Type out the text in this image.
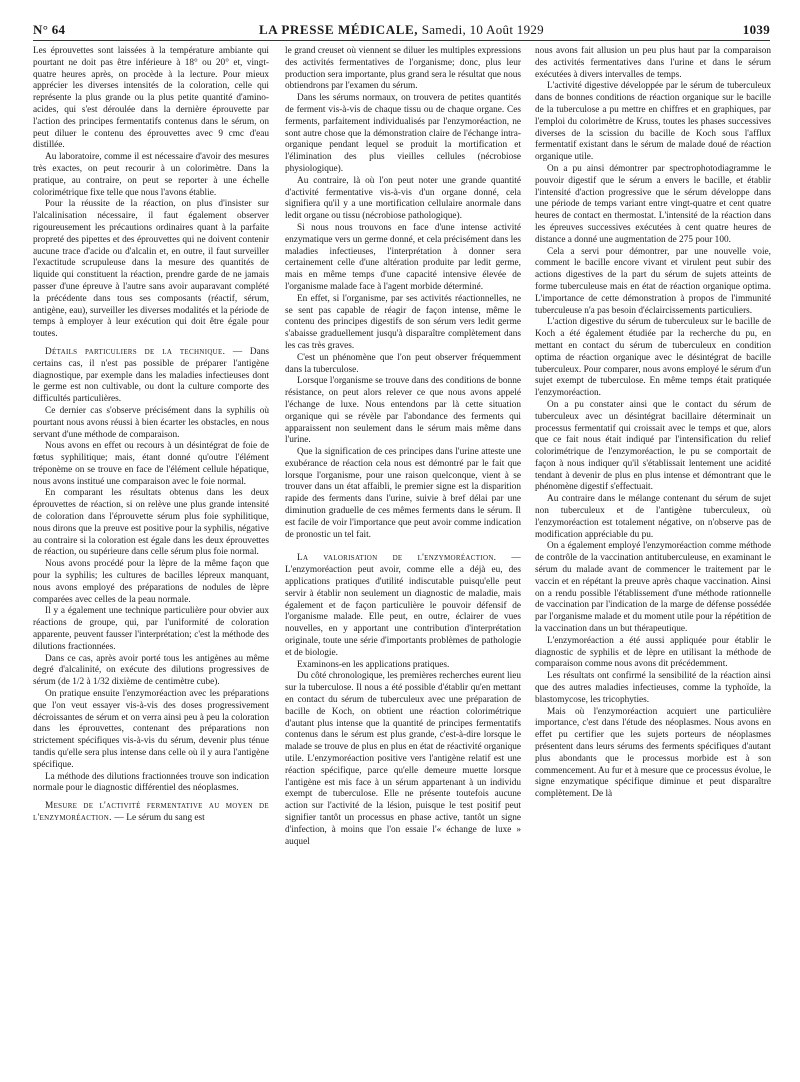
N° 64	LA PRESSE MÉDICALE, Samedi, 10 Août 1929	1039

Les éprouvettes sont laissées à la température ambiante qui pourtant ne doit pas être inférieure à 18° ou 20° et, vingt-quatre heures après, on procède à la lecture. Pour mieux apprécier les diverses intensités de la coloration, celle qui représente la plus grande ou la plus petite quantité d'amino-acides, qui s'est déroulée dans la dernière éprouvette par l'action des principes fermentatifs contenus dans le sérum, on peut diluer le contenu des éprouvettes avec 9 cmc d'eau distillée.

Au laboratoire, comme il est nécessaire d'avoir des mesures très exactes, on peut recourir à un colorimètre. Dans la pratique, au contraire, on peut se reporter à une échelle colorimétrique fixe telle que nous l'avons établie.

Pour la réussite de la réaction, on plus d'insister sur l'alcalinisation nécessaire, il faut également observer rigoureusement les précautions ordinaires quant à la parfaite propreté des pipettes et des éprouvettes qui ne doivent contenir aucune trace d'acide ou d'alcalin et, en outre, il faut surveiller l'exactitude scrupuleuse dans la mesure des quantités de liquide qui constituent la réaction, prendre garde de ne jamais passer d'une épreuve à l'autre sans avoir auparavant complété la précédente dans tous ses composants (réactif, sérum, antigène, eau), surveiller les diverses modalités et la période de temps à employer à leur exécution qui doit être égale pour toutes.

Détails particuliers de la technique. — Dans certains cas, il n'est pas possible de préparer l'antigène diagnostique, par exemple dans les maladies infectieuses dont le germe est non cultivable, ou dont la culture comporte des difficultés particulières.

Ce dernier cas s'observe précisément dans la syphilis où pourtant nous avons réussi à bien écarter les obstacles, en nous servant d'une méthode de comparaison.

Nous avons en effet ou recours à un désintégrat de foie de fœtus syphilitique; mais, étant donné qu'outre l'élément tréponème on se trouve en face de l'élément cellule hépatique, nous avons institué une comparaison avec le foie normal.

En comparant les résultats obtenus dans les deux éprouvettes de réaction, si on relève une plus grande intensité de coloration dans l'éprouvette sérum plus foie syphilitique, nous dirons que la preuve est positive pour la syphilis, négative au contraire si la coloration est égale dans les deux éprouvettes de réaction, ou supérieure dans celle sérum plus foie normal.

Nous avons procédé pour la lèpre de la même façon que pour la syphilis; les cultures de bacilles lépreux manquant, nous avons employé des préparations de nodules de lèpre comparées avec celles de la peau normale.

Il y a également une technique particulière pour obvier aux réactions de groupe, qui, par l'uniformité de coloration apparente, peuvent fausser l'interprétation; c'est la méthode des dilutions fractionnées.

Dans ce cas, après avoir porté tous les antigènes au même degré d'alcalinité, on exécute des dilutions progressives de sérum (de 1/2 à 1/32 dixième de centimètre cube).

On pratique ensuite l'enzymoréaction avec les préparations que l'on veut essayer vis-à-vis des doses progressivement décroissantes de sérum et on verra ainsi peu à peu la coloration dans les éprouvettes, contenant des préparations non strictement spécifiques vis-à-vis du sérum, devenir plus ténue tandis qu'elle sera plus intense dans celle où il y aura l'antigène spécifique.

La méthode des dilutions fractionnées trouve son indication normale pour le diagnostic différentiel des néoplasmes.

Mesure de l'activité fermentative au moyen de l'enzymoréaction. — Le sérum du sang est

le grand creuset où viennent se diluer les multiples expressions des activités fermentatives de l'organisme; donc, plus leur production sera importante, plus grand sera le résultat que nous obtiendrons par l'examen du sérum.

Dans les sérums normaux, on trouvera de petites quantités de ferment vis-à-vis de chaque tissu ou de chaque organe. Ces ferments, parfaitement individualisés par l'enzymoréaction, ne sont autre chose que la démonstration claire de l'échange intra-organique pendant lequel se produit la mortification et l'élimination des plus vieilles cellules (nécrobiose physiologique).

Au contraire, là où l'on peut noter une grande quantité d'activité fermentative vis-à-vis d'un organe donné, cela signifiera qu'il y a une mortification cellulaire anormale dans ledit organe ou tissu (nécrobiose pathologique).

Si nous nous trouvons en face d'une intense activité enzymatique vers un germe donné, et cela précisément dans les maladies infectieuses, l'interprétation à donner sera certainement celle d'une altération produite par ledit germe, mais en même temps d'une capacité intensive élevée de l'organisme malade face à l'agent morbide déterminé.

En effet, si l'organisme, par ses activités réactionnelles, ne se sent pas capable de réagir de façon intense, même le contenu des principes digestifs de son sérum vers ledit germe s'abaisse graduellement jusqu'à disparaître complètement dans les cas très graves.

C'est un phénomène que l'on peut observer fréquemment dans la tuberculose.

Lorsque l'organisme se trouve dans des conditions de bonne résistance, on peut alors relever ce que nous avons appelé l'échange de luxe. Nous entendons par là cette situation organique qui se révèle par l'abondance des ferments qui apparaissent non seulement dans le sérum mais même dans l'urine.

Que la signification de ces principes dans l'urine atteste une exubérance de réaction cela nous est démontré par le fait que lorsque l'organisme, pour une raison quelconque, vient à se trouver dans un état affaibli, le premier signe est la disparition rapide des ferments dans l'urine, suivie à bref délai par une diminution graduelle de ces mêmes ferments dans le sérum. Il est facile de voir l'importance que peut avoir comme indication de pronostic un tel fait.

La valorisation de l'enzymoréaction. — L'enzymoréaction peut avoir, comme elle a déjà eu, des applications pratiques d'utilité indiscutable puisqu'elle peut servir à établir non seulement un diagnostic de maladie, mais également et de façon particulière le pouvoir défensif de l'organisme malade. Elle peut, en outre, éclairer de vues nouvelles, en y apportant une contribution d'interprétation originale, toute une série d'importants problèmes de pathologie et de biologie.

Examinons-en les applications pratiques.

Du côté chronologique, les premières recherches eurent lieu sur la tuberculose. Il nous a été possible d'établir qu'en mettant en contact du sérum de tuberculeux avec une préparation de bacille de Koch, on obtient une réaction colorimétrique d'autant plus intense que la quantité de principes fermentatifs contenus dans le sérum est plus grande, c'est-à-dire lorsque le malade se trouve de plus en plus en état de réactivité organique utile. L'enzymoréaction positive vers l'antigène relatif est une réaction spécifique, parce qu'elle demeure muette lorsque l'antigène est mis face à un sérum appartenant à un individu exempt de tuberculose. Elle ne présente toutefois aucune action sur l'activité de la lésion, puisque le test positif peut signifier tantôt un processus en phase active, tantôt un signe d'infection, à moins que l'on essaie l'« échange de luxe » auquel

nous avons fait allusion un peu plus haut par la comparaison des activités fermentatives dans l'urine et dans le sérum exécutées à divers intervalles de temps.

L'activité digestive développée par le sérum de tuberculeux dans de bonnes conditions de réaction organique sur le bacille de la tuberculose a pu mettre en chiffres et en graphiques, par l'emploi du colorimètre de Kruss, toutes les phases successives diverses de la scission du bacille de Koch sous l'afflux fermentatif existant dans le sérum de malade doué de réaction organique utile.

On a pu ainsi démontrer par spectrophotodiagramme le pouvoir digestif que le sérum a envers le bacille, et établir l'intensité d'action progressive que le sérum développe dans une période de temps variant entre vingt-quatre et cent quatre heures de contact en thermostat. L'intensité de la réaction dans les épreuves successives exécutées à cent quatre heures de distance a donné une augmentation de 275 pour 100.

Cela a servi pour démontrer, par une nouvelle voie, comment le bacille encore vivant et virulent peut subir des actions digestives de la part du sérum de sujets atteints de forme tuberculeuse mais en état de réaction organique optima. L'importance de cette démonstration à propos de l'immunité tuberculeuse n'a pas besoin d'éclaircissements particuliers.

L'action digestive du sérum de tuberculeux sur le bacille de Koch a été également étudiée par la recherche du pu, en mettant en contact du sérum de tuberculeux en condition optima de réaction organique avec le désintégrat de bacille tuberculeux. Pour comparer, nous avons employé le sérum d'un sujet exempt de tuberculose. En même temps était pratiquée l'enzymoréaction.

On a pu constater ainsi que le contact du sérum de tuberculeux avec un désintégrat bacillaire déterminait un processus fermentatif qui croissait avec le temps et que, alors que ce fait nous était indiqué par l'intensification du relief colorimétrique de l'enzymoréaction, le pu se comportait de façon à nous indiquer qu'il s'établissait lentement une acidité tendant à devenir de plus en plus intense et démontrant que le phénomène digestif s'effectuait.

Au contraire dans le mélange contenant du sérum de sujet non tuberculeux et de l'antigène tuberculeux, où l'enzymoréaction est totalement négative, on n'observe pas de modification appréciable du pu.

On a également employé l'enzymoréaction comme méthode de contrôle de la vaccination antituberculeuse, en examinant le sérum du malade avant de commencer le traitement par le vaccin et en répétant la preuve après chaque vaccination. Ainsi on a rendu possible l'établissement d'une méthode rationnelle de vaccination par l'indication de la marge de défense possédée par l'organisme malade et du moment utile pour la répétition de la vaccination dans un but thérapeutique.

L'enzymoréaction a été aussi appliquée pour établir le diagnostic de syphilis et de lèpre en utilisant la méthode de comparaison comme nous avons dit précédemment.

Les résultats ont confirmé la sensibilité de la réaction ainsi que des autres maladies infectieuses, comme la typhoïde, la blastomycose, les tricophyties.

Mais où l'enzymoréaction acquiert une particulière importance, c'est dans l'étude des néoplasmes. Nous avons en effet pu certifier que les sujets porteurs de néoplasmes présentent dans leurs sérums des ferments spécifiques d'autant plus abondants que le processus morbide est à son commencement. Au fur et à mesure que ce processus évolue, le signe enzymatique spécifique diminue et peut disparaître complètement. De là
